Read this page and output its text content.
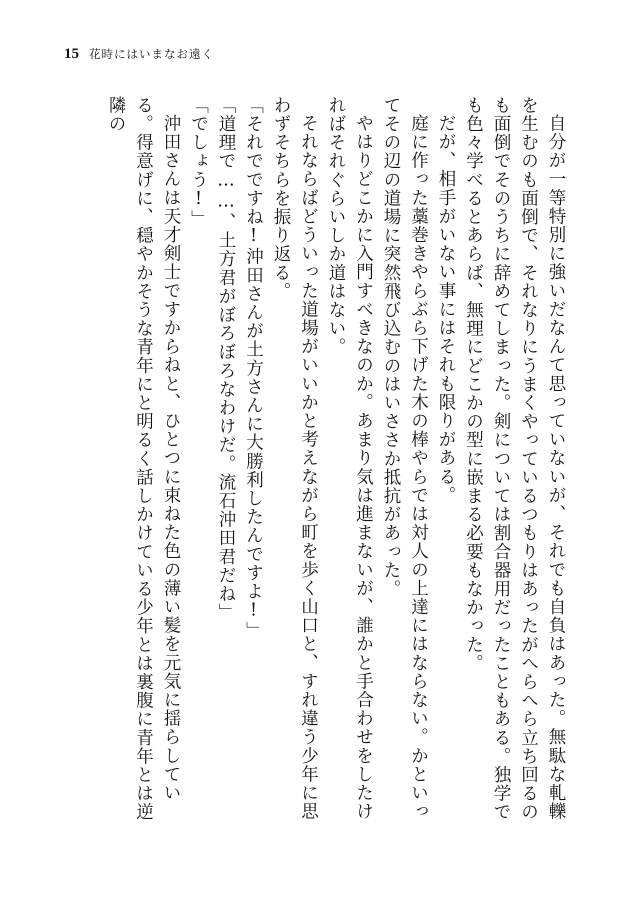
15 花時にはいまなお遠く

自分が一等特別に強いだなんて思っていないが、それでも自負はあった。無駄な軋轢を生むのも面倒で、それなりにうまくやっているつもりはあったがへらへら立ち回るのも面倒でそのうちに辞めてしまった。剣については割合器用だったこともある。独学でも色々学べるとあらば、無理にどこかの型に嵌まる必要もなかった。

だが、相手がいない事にはそれも限りがある。

庭に作った藁巻きやらぶら下げた木の棒やらでは対人の上達にはならない。かといってその辺の道場に突然飛び込むのはいささか抵抗があった。

やはりどこかに入門すべきなのか。あまり気は進まないが、誰かと手合わせをしたければそれぐらいしか道はない。

それならばどういった道場がいいかと考えながら町を歩く山口と、すれ違う少年に思わずそちらを振り返る。

「それでですね!沖田さんが土方さんに大勝利したんですよ!」

「道理で……、土方君がぼろぼろなわけだ。流石沖田君だね」

「でしょう!」

沖田さんは天才剣士ですからねと、ひとつに束ねた色の薄い髪を元気に揺らしている。得意げに、穏やかそうな青年にと明るく話しかけている少年とは裏腹に青年とは逆隣の
